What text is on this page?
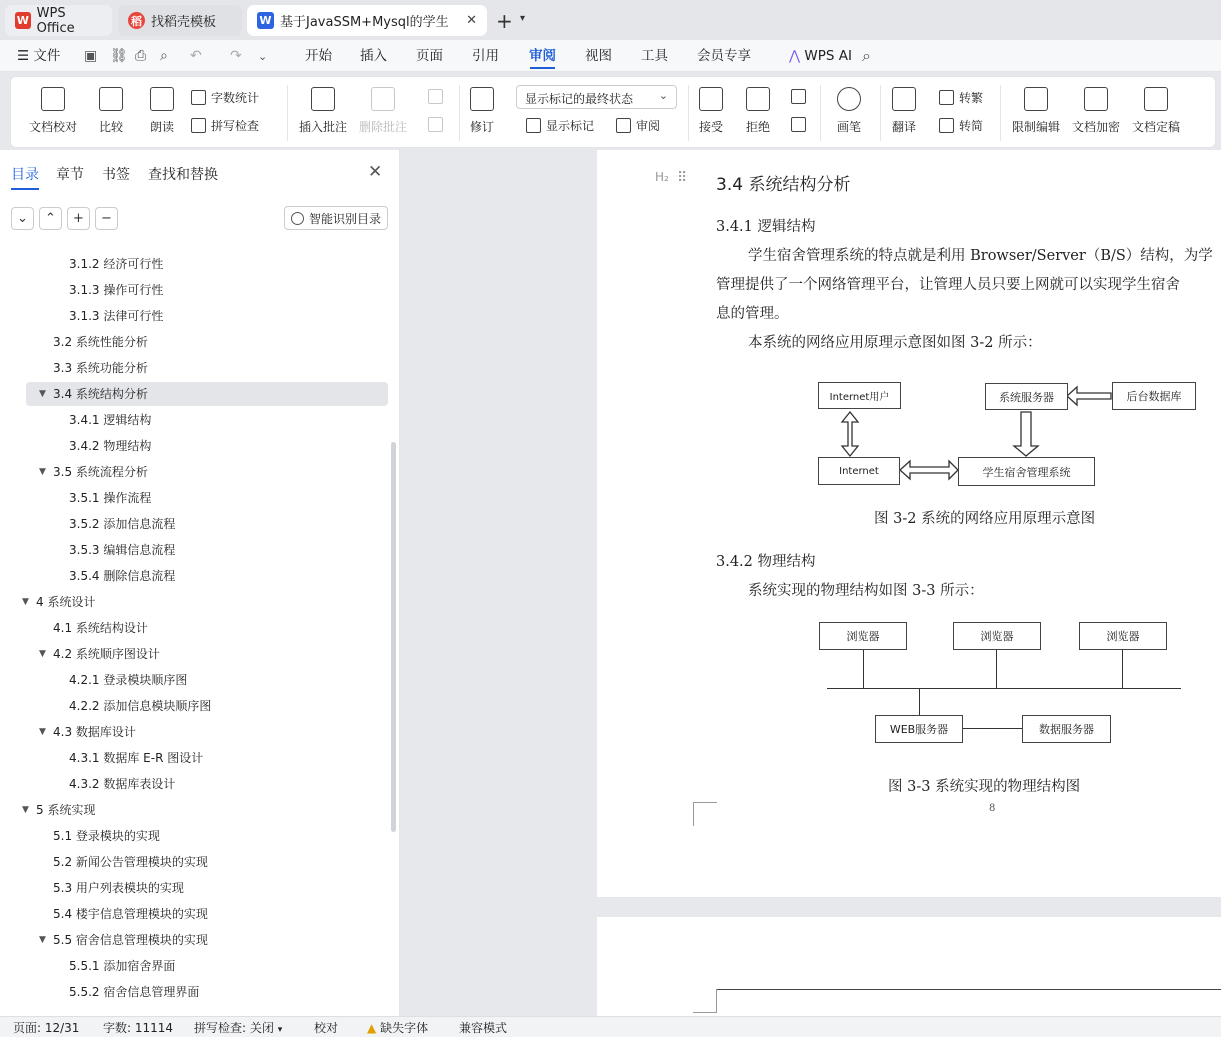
W WPS Office	稻 找稻壳模板	W 基于JavaSSM+Mysql的学生 ✕ + ▾
☰ 文件 ▣ ⛓ ⎙ ⌕ ↶ ↷ ⌄	开始 插入 页面 引用 审阅 视图 工具 会员专享	⋀ WPS AI ⌕
文档校对 比较 朗读
字数统计
拼写检查	插入批注 删除批注	修订
显示标记的最终状态 ⌄
显示标记	审阅	接受 拒绝	画笔	翻译
转繁
转简 限制编辑 文档加密 文档定稿
目录 章节 书签 查找和替换	✕
⌄	⌃	+	−	智能识别目录
3.1.2 经济可行性
3.1.3 操作可行性
3.1.3 法律可行性
3.2 系统性能分析
3.3 系统功能分析
▼ 3.4 系统结构分析
3.4.1 逻辑结构
3.4.2 物理结构
▼ 3.5 系统流程分析
3.5.1 操作流程
3.5.2 添加信息流程
3.5.3 编辑信息流程
3.5.4 删除信息流程
▼ 4 系统设计
4.1 系统结构设计
▼ 4.2 系统顺序图设计
4.2.1 登录模块顺序图
4.2.2 添加信息模块顺序图
▼ 4.3 数据库设计
4.3.1 数据库 E-R 图设计
4.3.2 数据库表设计
▼ 5 系统实现
5.1 登录模块的实现
5.2 新闻公告管理模块的实现
5.3 用户列表模块的实现
5.4 楼宇信息管理模块的实现
▼ 5.5 宿舍信息管理模块的实现
5.5.1 添加宿舍界面
5.5.2 宿舍信息管理界面
H₂ ⠿ 3.4 系统结构分析
3.4.1 逻辑结构
学生宿舍管理系统的特点就是利用 Browser/Server（B/S）结构，为学
管理提供了一个网络管理平台，让管理人员只要上网就可以实现学生宿舍
息的管理。
本系统的网络应用原理示意图如图 3-2 所示：
Internet用户	系统服务器	后台数据库
Internet	学生宿舍管理系统
图 3-2 系统的网络应用原理示意图
3.4.2 物理结构
系统实现的物理结构如图 3-3 所示：
浏览器	浏览器	浏览器
WEB服务器	数据服务器
图 3-3 系统实现的物理结构图
8
页面: 12/31 字数: 11114 拼写检查: 关闭 ▾	校对 ▲ 缺失字体	兼容模式
